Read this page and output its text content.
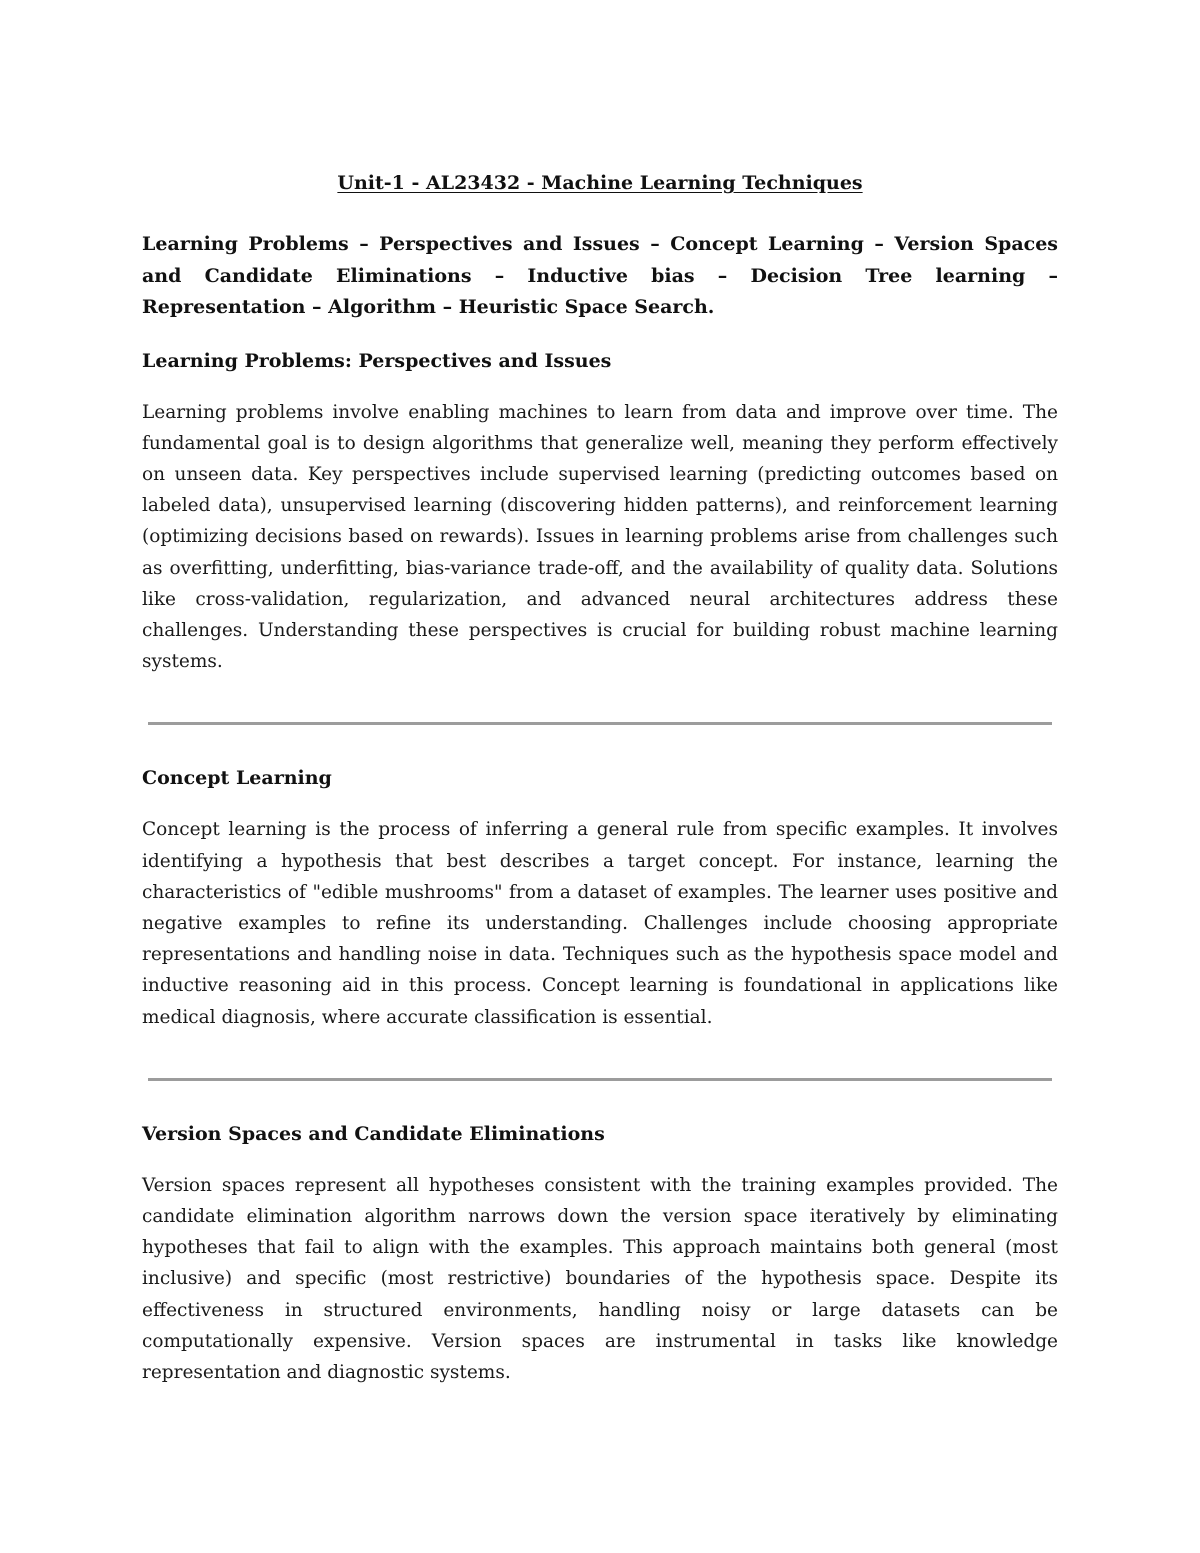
Unit-1 - AL23432 - Machine Learning Techniques

Learning Problems – Perspectives and Issues – Concept Learning – Version Spaces and Candidate Eliminations – Inductive bias – Decision Tree learning – Representation – Algorithm – Heuristic Space Search.

Learning Problems: Perspectives and Issues

Learning problems involve enabling machines to learn from data and improve over time. The fundamental goal is to design algorithms that generalize well, meaning they perform effectively on unseen data. Key perspectives include supervised learning (predicting outcomes based on labeled data), unsupervised learning (discovering hidden patterns), and reinforcement learning (optimizing decisions based on rewards). Issues in learning problems arise from challenges such as overfitting, underfitting, bias-variance trade-off, and the availability of quality data. Solutions like cross-validation, regularization, and advanced neural architectures address these challenges. Understanding these perspectives is crucial for building robust machine learning systems.

Concept Learning

Concept learning is the process of inferring a general rule from specific examples. It involves identifying a hypothesis that best describes a target concept. For instance, learning the characteristics of "edible mushrooms" from a dataset of examples. The learner uses positive and negative examples to refine its understanding. Challenges include choosing appropriate representations and handling noise in data. Techniques such as the hypothesis space model and inductive reasoning aid in this process. Concept learning is foundational in applications like medical diagnosis, where accurate classification is essential.

Version Spaces and Candidate Eliminations

Version spaces represent all hypotheses consistent with the training examples provided. The candidate elimination algorithm narrows down the version space iteratively by eliminating hypotheses that fail to align with the examples. This approach maintains both general (most inclusive) and specific (most restrictive) boundaries of the hypothesis space. Despite its effectiveness in structured environments, handling noisy or large datasets can be computationally expensive. Version spaces are instrumental in tasks like knowledge representation and diagnostic systems.
